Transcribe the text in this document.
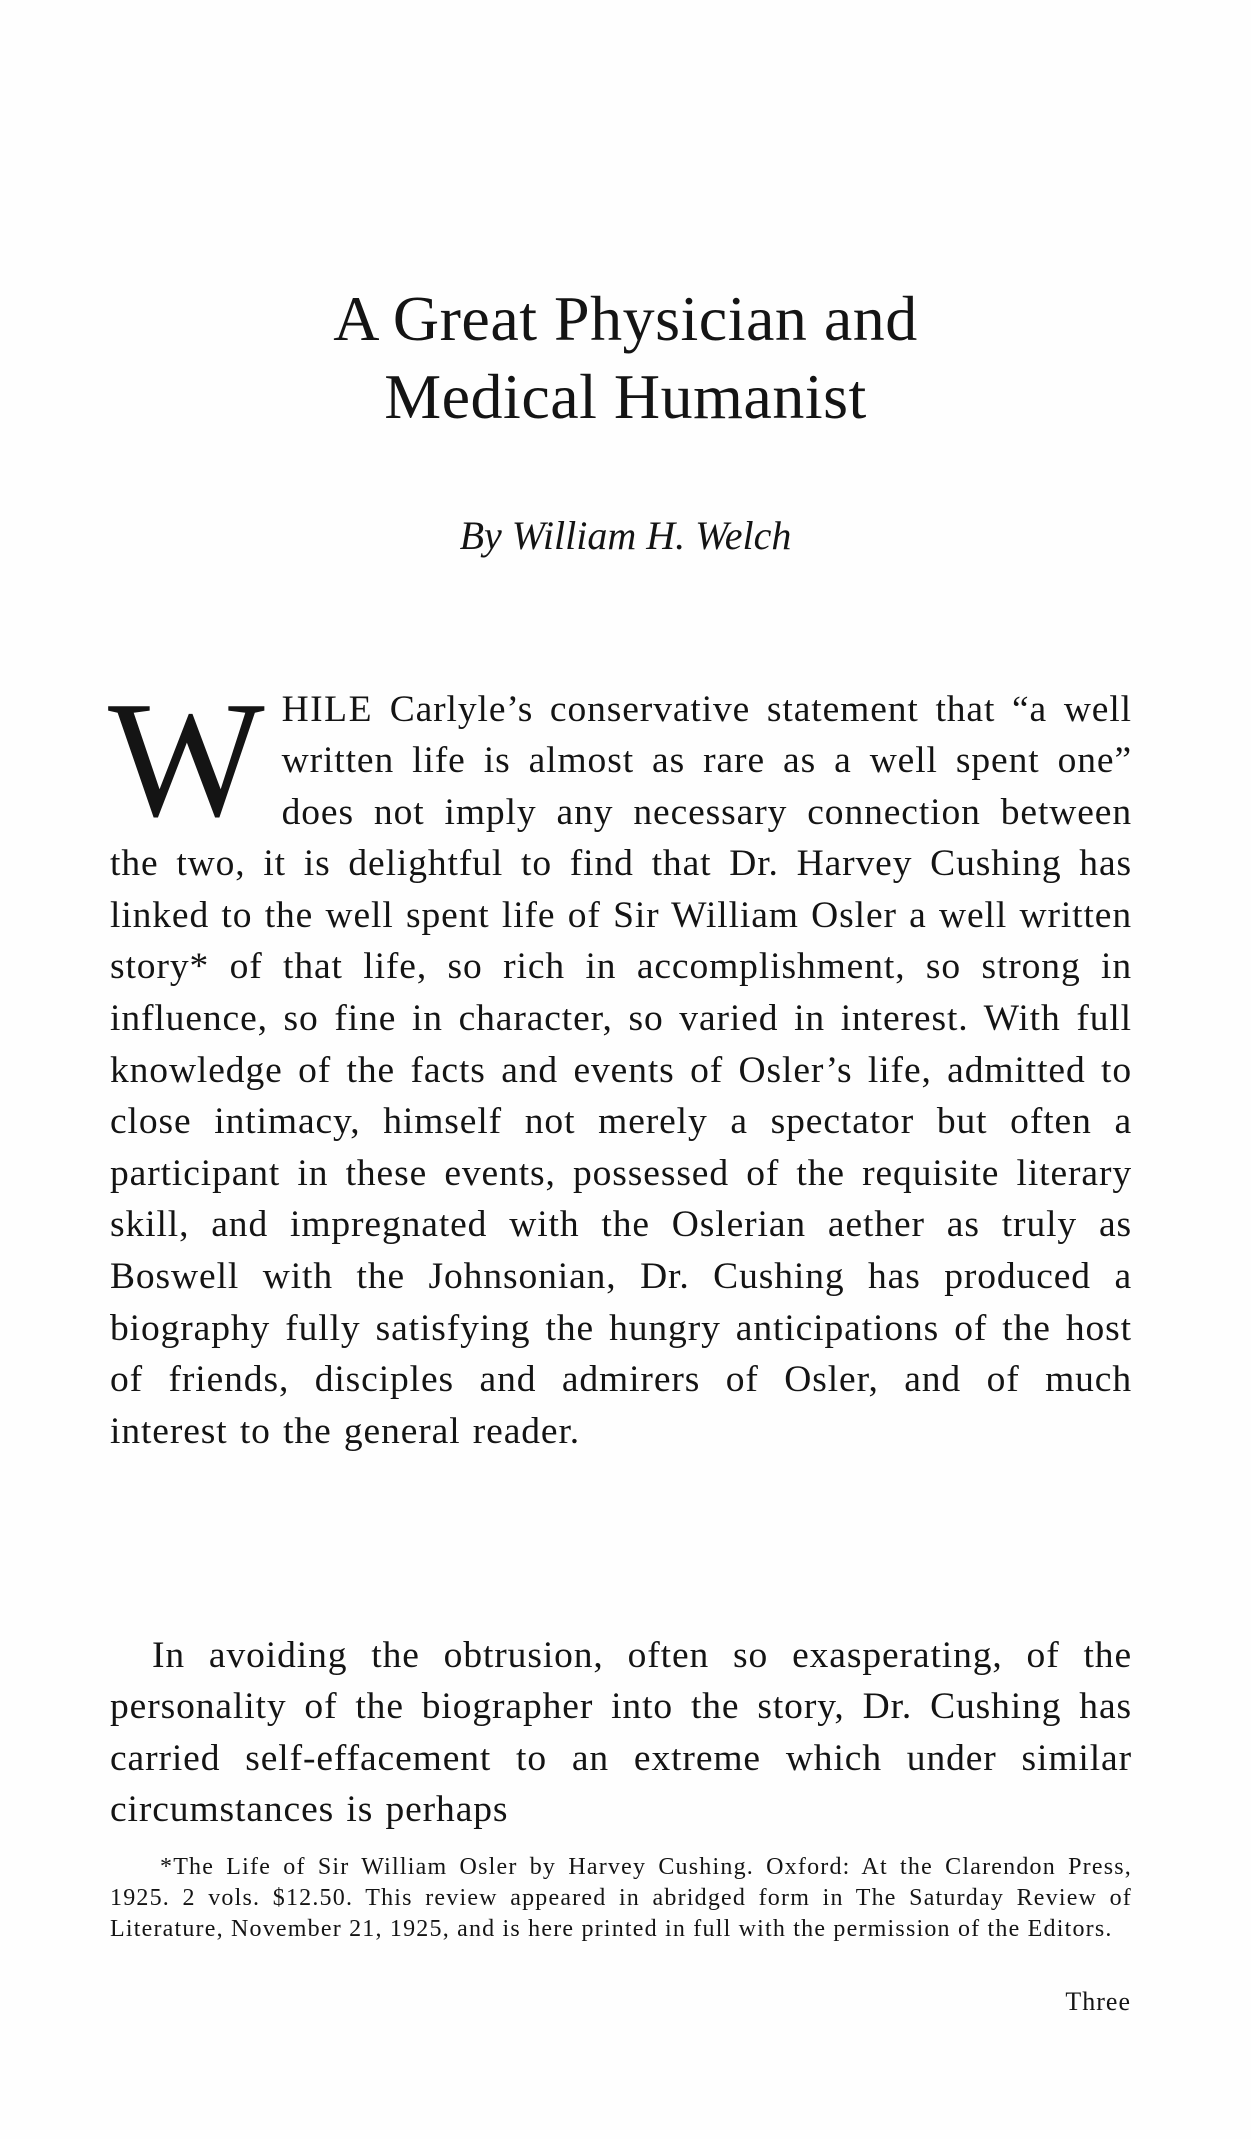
A Great Physician and
Medical Humanist

By William H. Welch

WHILE Carlyle’s conservative statement that “a well written life is almost as rare as a well spent one” does not imply any necessary connection between the two, it is delightful to find that Dr. Harvey Cushing has linked to the well spent life of Sir William Osler a well written story* of that life, so rich in accomplishment, so strong in influence, so fine in character, so varied in interest. With full knowledge of the facts and events of Osler’s life, admitted to close intimacy, himself not merely a spectator but often a participant in these events, possessed of the requisite literary skill, and impregnated with the Oslerian aether as truly as Boswell with the Johnsonian, Dr. Cushing has produced a biography fully satisfying the hungry anticipations of the host of friends, disciples and admirers of Osler, and of much interest to the general reader.

In avoiding the obtrusion, often so exasperating, of the personality of the biographer into the story, Dr. Cushing has carried self-effacement to an extreme which under similar circumstances is perhaps

*The Life of Sir William Osler by Harvey Cushing. Oxford: At the Clarendon Press, 1925. 2 vols. $12.50. This review appeared in abridged form in The Saturday Review of Literature, November 21, 1925, and is here printed in full with the permission of the Editors.

Three
